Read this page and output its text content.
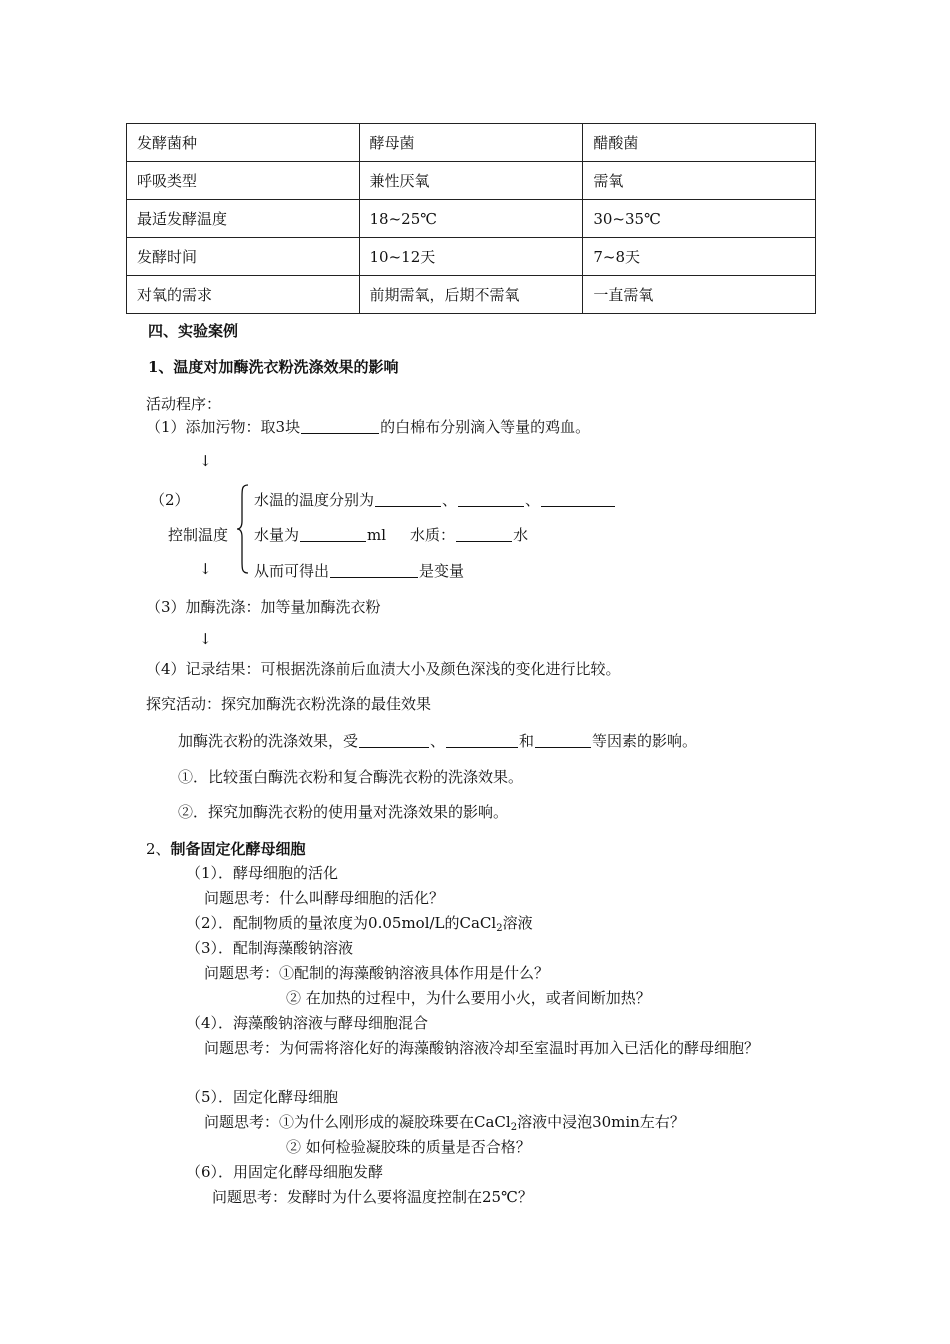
发酵菌种	酵母菌	醋酸菌
呼吸类型	兼性厌氧	需氧
最适发酵温度	18~25℃	30~35℃
发酵时间	10~12天	7~8天
对氧的需求	前期需氧，后期不需氧	一直需氧
四、实验案例
1、温度对加酶洗衣粉洗涤效果的影响
活动程序：
（1）添加污物：取3块	的白棉布分别滴入等量的鸡血。
↓
（2）
控制温度
水温的温度分别为	、	、
水量为	ml 水质：	水
↓	从而可得出	是变量
（3）加酶洗涤：加等量加酶洗衣粉
↓
（4）记录结果：可根据洗涤前后血渍大小及颜色深浅的变化进行比较。
探究活动：探究加酶洗衣粉洗涤的最佳效果
加酶洗衣粉的洗涤效果，受	、	和	等因素的影响。
①．比较蛋白酶洗衣粉和复合酶洗衣粉的洗涤效果。
②．探究加酶洗衣粉的使用量对洗涤效果的影响。
2、制备固定化酵母细胞
（1）．酵母细胞的活化
问题思考：什么叫酵母细胞的活化？
（2）．配制物质的量浓度为0.05mol/L的CaCl$_2$溶液
（3）．配制海藻酸钠溶液
问题思考：①配制的海藻酸钠溶液具体作用是什么？
② 在加热的过程中，为什么要用小火，或者间断加热？
（4）．海藻酸钠溶液与酵母细胞混合
问题思考：为何需将溶化好的海藻酸钠溶液冷却至室温时再加入已活化的酵母细胞？
（5）．固定化酵母细胞
问题思考：①为什么刚形成的凝胶珠要在CaCl$_2$溶液中浸泡30min左右？
② 如何检验凝胶珠的质量是否合格？
（6）．用固定化酵母细胞发酵
问题思考：发酵时为什么要将温度控制在25℃？
